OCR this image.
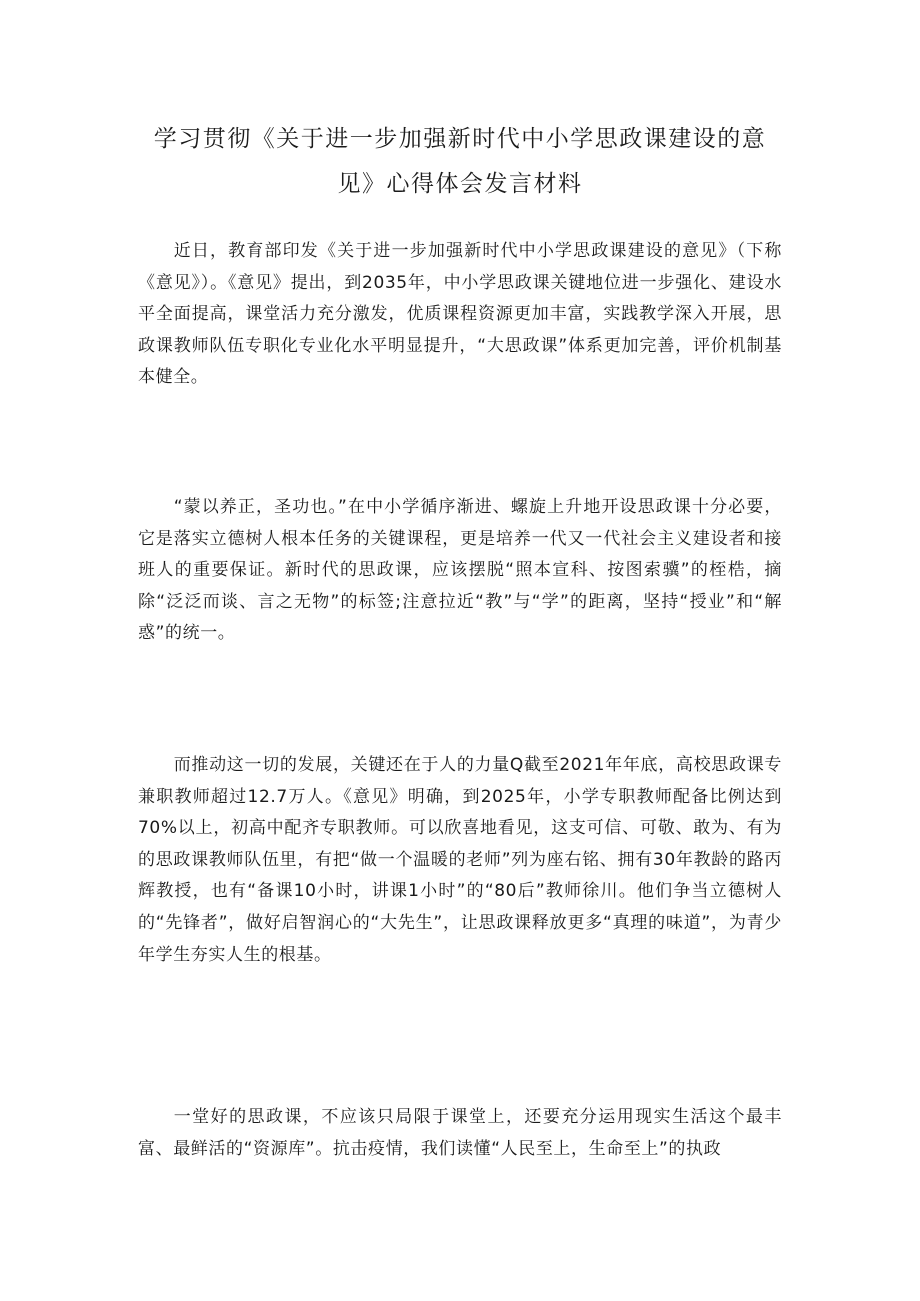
学习贯彻《关于进一步加强新时代中小学思政课建设的意见》心得体会发言材料

近日，教育部印发《关于进一步加强新时代中小学思政课建设的意见》（下称《意见》）。《意见》提出，到2035年，中小学思政课关键地位进一步强化、建设水平全面提高，课堂活力充分激发，优质课程资源更加丰富，实践教学深入开展，思政课教师队伍专职化专业化水平明显提升，“大思政课”体系更加完善，评价机制基本健全。

“蒙以养正，圣功也。”在中小学循序渐进、螺旋上升地开设思政课十分必要，它是落实立德树人根本任务的关键课程，更是培养一代又一代社会主义建设者和接班人的重要保证。新时代的思政课，应该摆脱“照本宣科、按图索骥”的桎梏，摘除“泛泛而谈、言之无物”的标签;注意拉近“教”与“学”的距离，坚持“授业”和“解惑”的统一。

而推动这一切的发展，关键还在于人的力量Q截至2021年年底，高校思政课专兼职教师超过12.7万人。《意见》明确，到2025年，小学专职教师配备比例达到70%以上，初高中配齐专职教师。可以欣喜地看见，这支可信、可敬、敢为、有为的思政课教师队伍里，有把“做一个温暖的老师”列为座右铭、拥有30年教龄的路丙辉教授，也有“备课10小时，讲课1小时”的“80后”教师徐川。他们争当立德树人的“先锋者”，做好启智润心的“大先生”，让思政课释放更多“真理的味道”，为青少年学生夯实人生的根基。

一堂好的思政课，不应该只局限于课堂上，还要充分运用现实生活这个最丰富、最鲜活的“资源库”。抗击疫情，我们读懂“人民至上，生命至上”的执政
